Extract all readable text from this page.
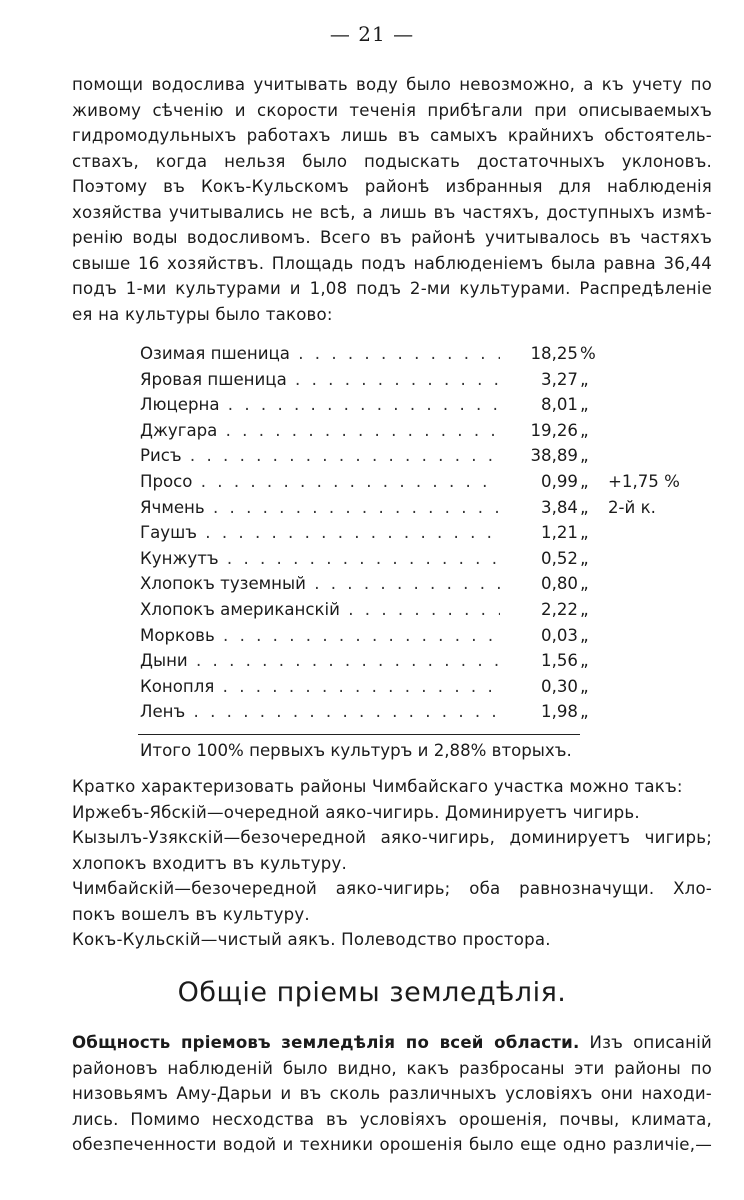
— 21 —

помощи водослива учитывать воду было невозможно, а къ учету по

живому сѣченію и скорости теченія прибѣгали при описываемыхъ

гидромодульныхъ работахъ лишь въ самыхъ крайнихъ обстоятель-

ствахъ, когда нельзя было подыскать достаточныхъ уклоновъ.

Поэтому въ Кокъ-Кульскомъ районѣ избранныя для наблюденія

хозяйства учитывались не всѣ, а лишь въ частяхъ, доступныхъ измѣ-

ренію воды водосливомъ. Всего въ районѣ учитывалось въ частяхъ

свыше 16 хозяйствъ. Площадь подъ наблюденіемъ была равна 36,44

подъ 1-ми культурами и 1,08 подъ 2-ми культурами. Распредѣленіе

ея на культуры было таково:

Озимая пшеница . . .	18,25 %
Яровая пшеница . . .	3,27 „
Люцерна . . .	8,01 „
Джугара . . .	19,26 „
Рисъ . . .	38,89 „
Просо . . .	0,99 „	+1,75 %
Ячмень . . .	3,84 „	2-й к.
Гаушъ . . .	1,21 „
Кунжутъ . . .	0,52 „
Хлопокъ туземный . . .	0,80 „
Хлопокъ американскій . . .	2,22 „
Морковь . . .	0,03 „
Дыни . . .	1,56 „
Конопля . . .	0,30 „
Ленъ . . .	1,98 „
Итого 100% первыхъ культуръ и 2,88% вторыхъ.

Кратко характеризовать районы Чимбайскаго участка можно такъ:

Иржебъ-Ябскій—очередной аяко-чигирь. Доминируетъ чигирь.

Кызылъ-Узякскій—безочередной аяко-чигирь, доминируетъ чигирь;

хлопокъ входитъ въ культуру.

Чимбайскій—безочередной аяко-чигирь; оба равнозначущи. Хло-

покъ вошелъ въ культуру.

Кокъ-Кульскій—чистый аякъ. Полеводство простора.

Общіе пріемы земледѣлія.

Общность пріемовъ земледѣлія по всей области. Изъ описаній

районовъ наблюденій было видно, какъ разбросаны эти районы по

низовьямъ Аму-Дарьи и въ сколь различныхъ условіяхъ они находи-

лись. Помимо несходства въ условіяхъ орошенія, почвы, климата,

обезпеченности водой и техники орошенія было еще одно различіе,—
